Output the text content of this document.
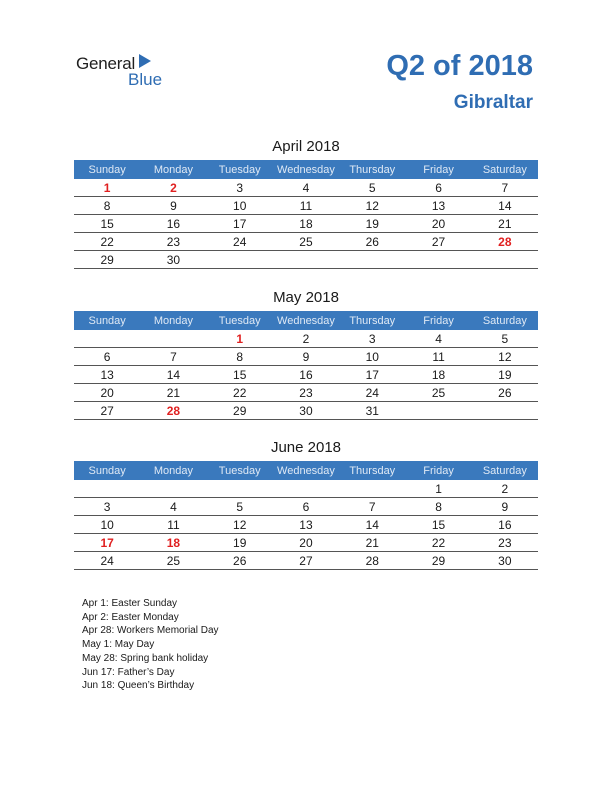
General
Blue	Q2 of 2018
Gibraltar
April 2018
Sunday	Monday	Tuesday	Wednesday	Thursday	Friday	Saturday
1	2	3	4	5	6	7
8	9	10	11	12	13	14
15	16	17	18	19	20	21
22	23	24	25	26	27	28
29	30					
May 2018
Sunday	Monday	Tuesday	Wednesday	Thursday	Friday	Saturday
		1	2	3	4	5
6	7	8	9	10	11	12
13	14	15	16	17	18	19
20	21	22	23	24	25	26
27	28	29	30	31		
June 2018
Sunday	Monday	Tuesday	Wednesday	Thursday	Friday	Saturday
					1	2
3	4	5	6	7	8	9
10	11	12	13	14	15	16
17	18	19	20	21	22	23
24	25	26	27	28	29	30
Apr 1: Easter Sunday
Apr 2: Easter Monday
Apr 28: Workers Memorial Day
May 1: May Day
May 28: Spring bank holiday
Jun 17: Father’s Day
Jun 18: Queen’s Birthday
